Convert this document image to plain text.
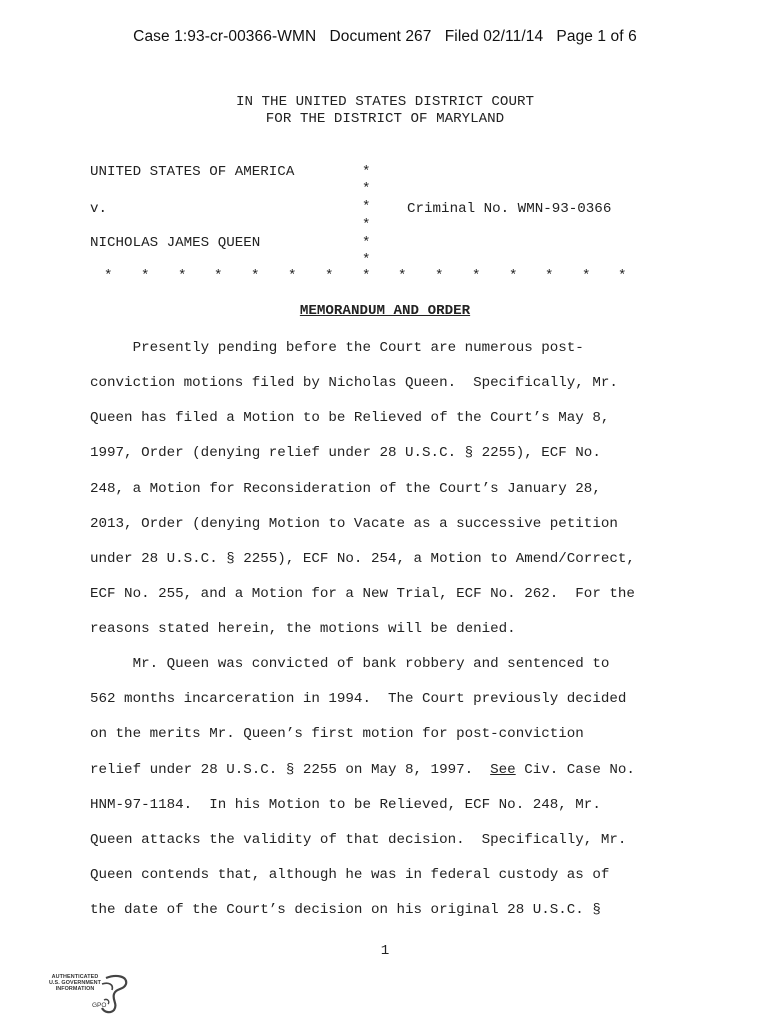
Case 1:93-cr-00366-WMN   Document 267   Filed 02/11/14   Page 1 of 6
IN THE UNITED STATES DISTRICT COURT
FOR THE DISTRICT OF MARYLAND
UNITED STATES OF AMERICA
v.
NICHOLAS JAMES QUEEN
Criminal No. WMN-93-0366
*
*
*
*
*
*
* * * * * * * * * * * * * * *
MEMORANDUM AND ORDER
Presently pending before the Court are numerous post-
conviction motions filed by Nicholas Queen.  Specifically, Mr.
Queen has filed a Motion to be Relieved of the Court’s May 8,
1997, Order (denying relief under 28 U.S.C. § 2255), ECF No.
248, a Motion for Reconsideration of the Court’s January 28,
2013, Order (denying Motion to Vacate as a successive petition
under 28 U.S.C. § 2255), ECF No. 254, a Motion to Amend/Correct,
ECF No. 255, and a Motion for a New Trial, ECF No. 262.  For the
reasons stated herein, the motions will be denied.
Mr. Queen was convicted of bank robbery and sentenced to
562 months incarceration in 1994.  The Court previously decided
on the merits Mr. Queen’s first motion for post-conviction
relief under 28 U.S.C. § 2255 on May 8, 1997.  See Civ. Case No.
HNM-97-1184.  In his Motion to be Relieved, ECF No. 248, Mr.
Queen attacks the validity of that decision.  Specifically, Mr.
Queen contends that, although he was in federal custody as of
the date of the Court’s decision on his original 28 U.S.C. §
1
AUTHENTICATED
U.S. GOVERNMENT
INFORMATION
GPO
